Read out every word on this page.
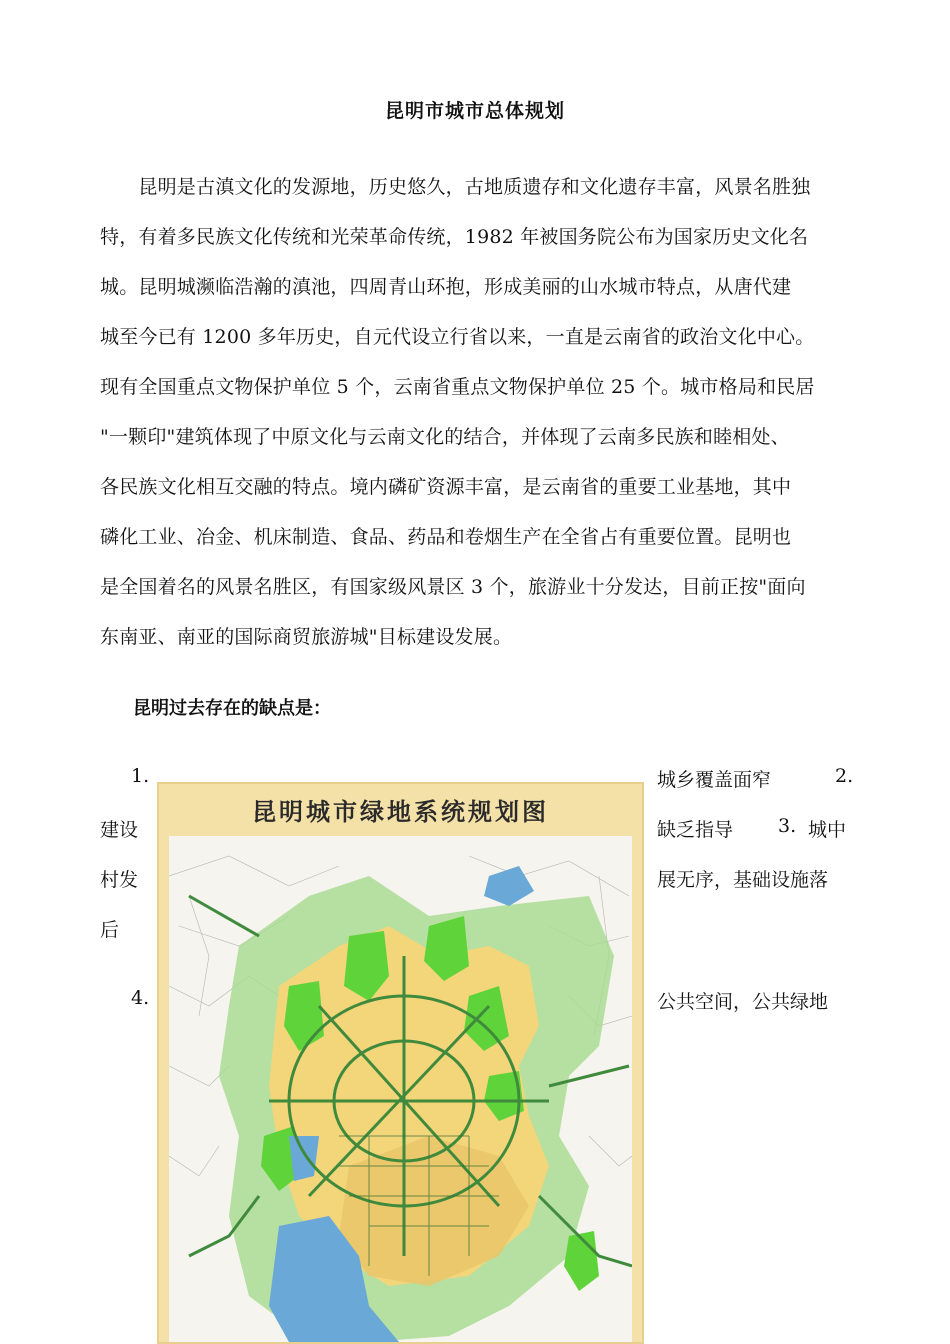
昆明市城市总体规划
　　昆明是古滇文化的发源地，历史悠久，古地质遗存和文化遗存丰富，风景名胜独
特，有着多民族文化传统和光荣革命传统，1982 年被国务院公布为国家历史文化名
城。昆明城濒临浩瀚的滇池，四周青山环抱，形成美丽的山水城市特点，从唐代建
城至今已有 1200 多年历史，自元代设立行省以来，一直是云南省的政治文化中心。
现有全国重点文物保护单位 5 个，云南省重点文物保护单位 25 个。城市格局和民居
"一颗印"建筑体现了中原文化与云南文化的结合，并体现了云南多民族和睦相处、
各民族文化相互交融的特点。境内磷矿资源丰富，是云南省的重要工业基地，其中
磷化工业、冶金、机床制造、食品、药品和卷烟生产在全省占有重要位置。昆明也
是全国着名的风景名胜区，有国家级风景区 3 个，旅游业十分发达，目前正按"面向
东南亚、南亚的国际商贸旅游城"目标建设发展。
昆明过去存在的缺点是：
1.	城乡覆盖面窄	2.
建设	缺乏指导 3. 城中
村发	展无序，基础设施落
后
4.	公共空间，公共绿地
昆明城市绿地系统规划图
